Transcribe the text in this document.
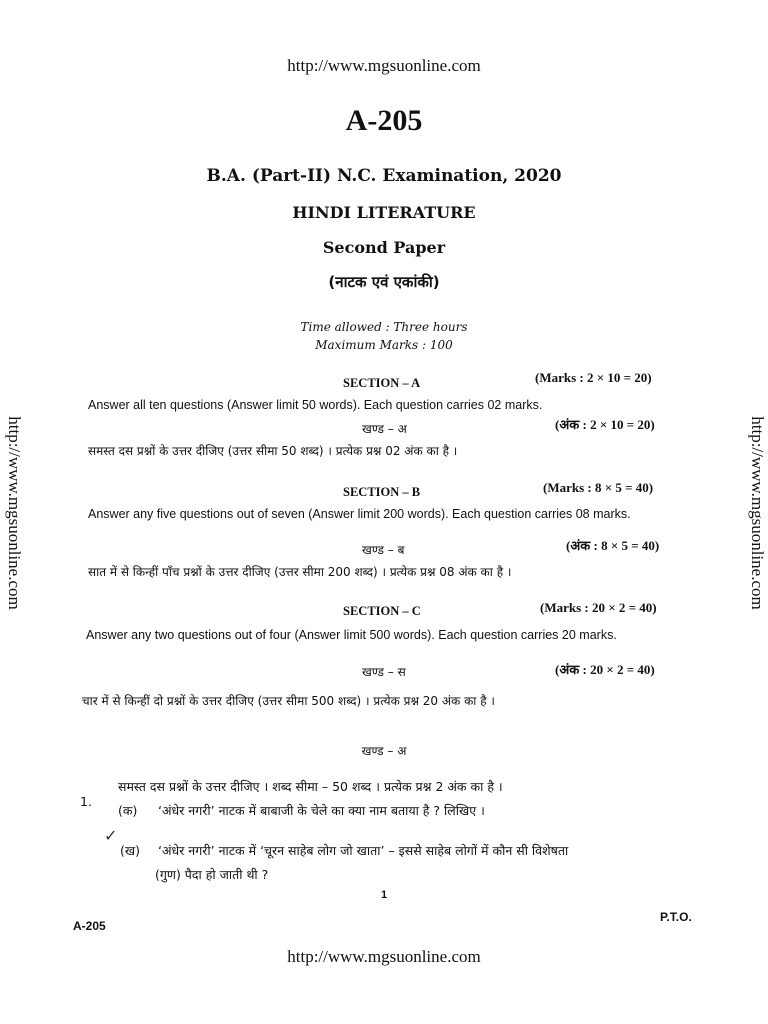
http://www.mgsuonline.com
http://www.mgsuonline.com
http://www.mgsuonline.com	http://www.mgsuonline.com
A-205
B.A. (Part-II) N.C. Examination, 2020
HINDI LITERATURE
Second Paper
(नाटक एवं एकांकी)
Time allowed : Three hours
Maximum Marks : 100
SECTION – A	(Marks : 2 × 10 = 20)
Answer all ten questions (Answer limit 50 words). Each question carries 02 marks.
खण्ड – अ	(अंक : 2 × 10 = 20)
समस्त दस प्रश्नों के उत्तर दीजिए (उत्तर सीमा 50 शब्द) । प्रत्येक प्रश्न 02 अंक का है ।
SECTION – B	(Marks : 8 × 5 = 40)
Answer any five questions out of seven (Answer limit 200 words). Each question carries 08 marks.
खण्ड – ब	(अंक : 8 × 5 = 40)
सात में से किन्हीं पाँच प्रश्नों के उत्तर दीजिए (उत्तर सीमा 200 शब्द) । प्रत्येक प्रश्न 08 अंक का है ।
SECTION – C	(Marks : 20 × 2 = 40)
Answer any two questions out of four (Answer limit 500 words). Each question carries 20 marks.
खण्ड – स	(अंक : 20 × 2 = 40)
चार में से किन्हीं दो प्रश्नों के उत्तर दीजिए (उत्तर सीमा 500 शब्द) । प्रत्येक प्रश्न 20 अंक का है ।
खण्ड – अ
1.
समस्त दस प्रश्नों के उत्तर दीजिए । शब्द सीमा – 50 शब्द । प्रत्येक प्रश्न 2 अंक का है ।
✓
(क) ‘अंधेर नगरी’ नाटक में बाबाजी के चेले का क्या नाम बताया है ? लिखिए ।
(ख) ‘अंधेर नगरी’ नाटक में ‘चूरन साहेब लोग जो खाता’ – इससे साहेब लोगों में कौन सी विशेषता
(गुण) पैदा हो जाती थी ?
1
A-205
P.T.O.
